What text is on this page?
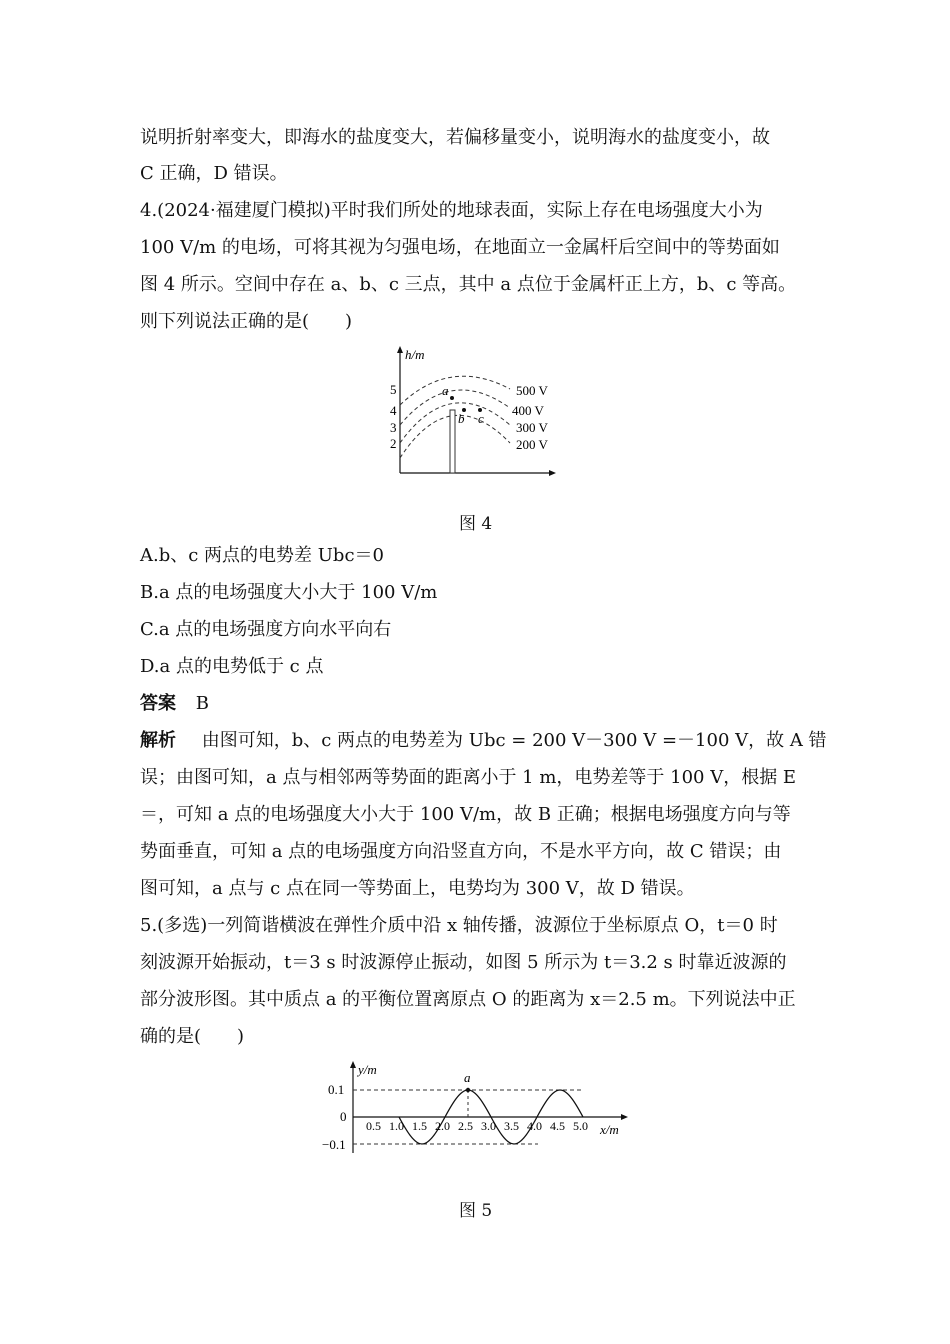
说明折射率变大，即海水的盐度变大，若偏移量变小，说明海水的盐度变小，故
C 正确，D 错误。
4.(2024·福建厦门模拟)平时我们所处的地球表面，实际上存在电场强度大小为
100 V/m 的电场，可将其视为匀强电场，在地面立一金属杆后空间中的等势面如
图 4 所示。空间中存在 a、b、c 三点，其中 a 点位于金属杆正上方，b、c 等高。
则下列说法正确的是(　　)
h/m
5
4
3
2
500 V
400 V
300 V
200 V
a
b c
图 4
A.b、c 两点的电势差 Ubc＝0
B.a 点的电场强度大小大于 100 V/m
C.a 点的电场强度方向水平向右
D.a 点的电势低于 c 点
答案 B
解析 由图可知，b、c 两点的电势差为 Ubc = 200 V－300 V =－100 V，故 A 错
误；由图可知，a 点与相邻两等势面的距离小于 1 m，电势差等于 100 V，根据 E
＝，可知 a 点的电场强度大小大于 100 V/m，故 B 正确；根据电场强度方向与等
势面垂直，可知 a 点的电场强度方向沿竖直方向，不是水平方向，故 C 错误；由
图可知，a 点与 c 点在同一等势面上，电势均为 300 V，故 D 错误。
5.(多选)一列简谐横波在弹性介质中沿 x 轴传播，波源位于坐标原点 O，t＝0 时
刻波源开始振动，t＝3 s 时波源停止振动，如图 5 所示为 t＝3.2 s 时靠近波源的
部分波形图。其中质点 a 的平衡位置离原点 O 的距离为 x＝2.5 m。下列说法中正
确的是(　　)
y/m
x/m
0.1
0
−0.1
a
0.5 1.0 1.5 2.0 2.5 3.0 3.5 4.0 4.5 5.0
图 5
